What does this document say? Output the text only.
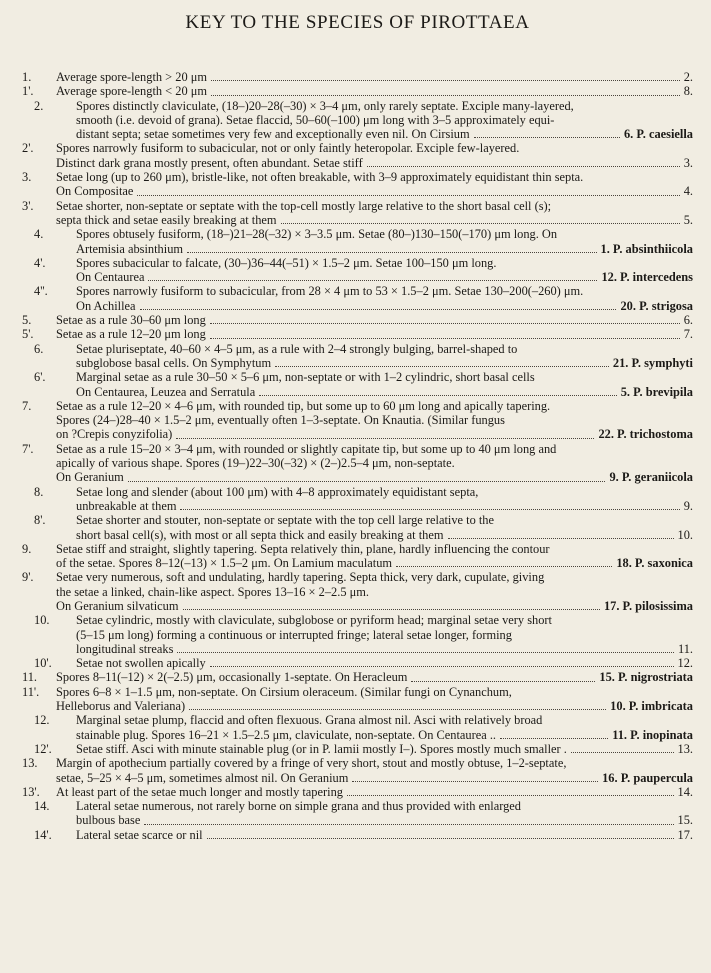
KEY TO THE SPECIES OF PIROTTAEA
1.	Average spore-length > 20 μm	2.
1'.	Average spore-length < 20 μm	8.
2.	Spores distinctly claviculate, (18–)20–28(–30) × 3–4 μm, only rarely septate. Exciple many-layered,
smooth (i.e. devoid of grana). Setae flaccid, 50–60(–100) μm long with 3–5 approximately equi-
distant septa; setae sometimes very few and exceptionally even nil. On Cirsium	6. P. caesiella
2'.	Spores narrowly fusiform to subacicular, not or only faintly heteropolar. Exciple few-layered.
Distinct dark grana mostly present, often abundant. Setae stiff	3.
3.	Setae long (up to 260 μm), bristle-like, not often breakable, with 3–9 approximately equidistant thin septa.
On Compositae	4.
3'.	Setae shorter, non-septate or septate with the top-cell mostly large relative to the short basal cell (s);
septa thick and setae easily breaking at them	5.
4.	Spores obtusely fusiform, (18–)21–28(–32) × 3–3.5 μm. Setae (80–)130–150(–170) μm long. On
Artemisia absinthium	1. P. absinthiicola
4'.	Spores subacicular to falcate, (30–)36–44(–51) × 1.5–2 μm. Setae 100–150 μm long.
On Centaurea	12. P. intercedens
4''.	Spores narrowly fusiform to subacicular, from 28 × 4 μm to 53 × 1.5–2 μm. Setae 130–200(–260) μm.
On Achillea	20. P. strigosa
5.	Setae as a rule 30–60 μm long	6.
5'.	Setae as a rule 12–20 μm long	7.
6.	Setae pluriseptate, 40–60 × 4–5 μm, as a rule with 2–4 strongly bulging, barrel-shaped to
subglobose basal cells. On Symphytum	21. P. symphyti
6'.	Marginal setae as a rule 30–50 × 5–6 μm, non-septate or with 1–2 cylindric, short basal cells
On Centaurea, Leuzea and Serratula	5. P. brevipila
7.	Setae as a rule 12–20 × 4–6 μm, with rounded tip, but some up to 60 μm long and apically tapering.
Spores (24–)28–40 × 1.5–2 μm, eventually often 1–3-septate. On Knautia. (Similar fungus
on ?Crepis conyzifolia)	22. P. trichostoma
7'.	Setae as a rule 15–20 × 3–4 μm, with rounded or slightly capitate tip, but some up to 40 μm long and
apically of various shape. Spores (19–)22–30(–32) × (2–)2.5–4 μm, non-septate.
On Geranium	9. P. geraniicola
8.	Setae long and slender (about 100 μm) with 4–8 approximately equidistant septa,
unbreakable at them	9.
8'.	Setae shorter and stouter, non-septate or septate with the top cell large relative to the
short basal cell(s), with most or all septa thick and easily breaking at them	10.
9.	Setae stiff and straight, slightly tapering. Septa relatively thin, plane, hardly influencing the contour
of the setae. Spores 8–12(–13) × 1.5–2 μm. On Lamium maculatum	18. P. saxonica
9'.	Setae very numerous, soft and undulating, hardly tapering. Septa thick, very dark, cupulate, giving
the setae a linked, chain-like aspect. Spores 13–16 × 2–2.5 μm.
On Geranium silvaticum	17. P. pilosissima
10.	Setae cylindric, mostly with claviculate, subglobose or pyriform head; marginal setae very short
(5–15 μm long) forming a continuous or interrupted fringe; lateral setae longer, forming
longitudinal streaks	11.
10'.	Setae not swollen apically	12.
11.	Spores 8–11(–12) × 2(–2.5) μm, occasionally 1-septate. On Heracleum	15. P. nigrostriata
11'.	Spores 6–8 × 1–1.5 μm, non-septate. On Cirsium oleraceum. (Similar fungi on Cynanchum,
Helleborus and Valeriana)	10. P. imbricata
12.	Marginal setae plump, flaccid and often flexuous. Grana almost nil. Asci with relatively broad
stainable plug. Spores 16–21 × 1.5–2.5 μm, claviculate, non-septate. On Centaurea ..	11. P. inopinata
12'.	Setae stiff. Asci with minute stainable plug (or in P. lamii mostly I–). Spores mostly much smaller .	13.
13.	Margin of apothecium partially covered by a fringe of very short, stout and mostly obtuse, 1–2-septate,
setae, 5–25 × 4–5 μm, sometimes almost nil. On Geranium	16. P. paupercula
13'.	At least part of the setae much longer and mostly tapering	14.
14.	Lateral setae numerous, not rarely borne on simple grana and thus provided with enlarged
bulbous base	15.
14'.	Lateral setae scarce or nil	17.
